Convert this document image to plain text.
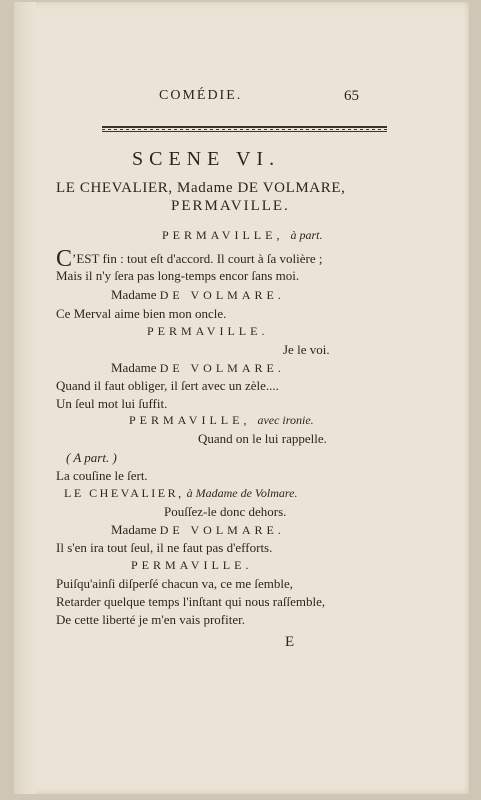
COMÉDIE.	65
SCENE VI.
LE CHEVALIER, Madame DE VOLMARE,
PERMAVILLE.
PERMAVILLE, à part.
C’EST fin : tout eſt d'accord. Il court à ſa volière ;
Mais il n'y ſera pas long-temps encor ſans moi.
Madame DE VOLMARE.
Ce Merval aime bien mon oncle.
PERMAVILLE.
Je le voi.
Madame DE VOLMARE.
Quand il faut obliger, il ſert avec un zèle....
Un ſeul mot lui ſuffit.
PERMAVILLE, avec ironie.
Quand on le lui rappelle.
( A part. )
La couſine le ſert.
LE CHEVALIER, à Madame de Volmare.
Pouſſez-le donc dehors.
Madame DE VOLMARE.
Il s'en ira tout ſeul, il ne faut pas d'efforts.
PERMAVILLE.
Puiſqu'ainſi diſperſé chacun va, ce me ſemble,
Retarder quelque temps l'inſtant qui nous raſſemble,
De cette liberté je m'en vais profiter.
E
